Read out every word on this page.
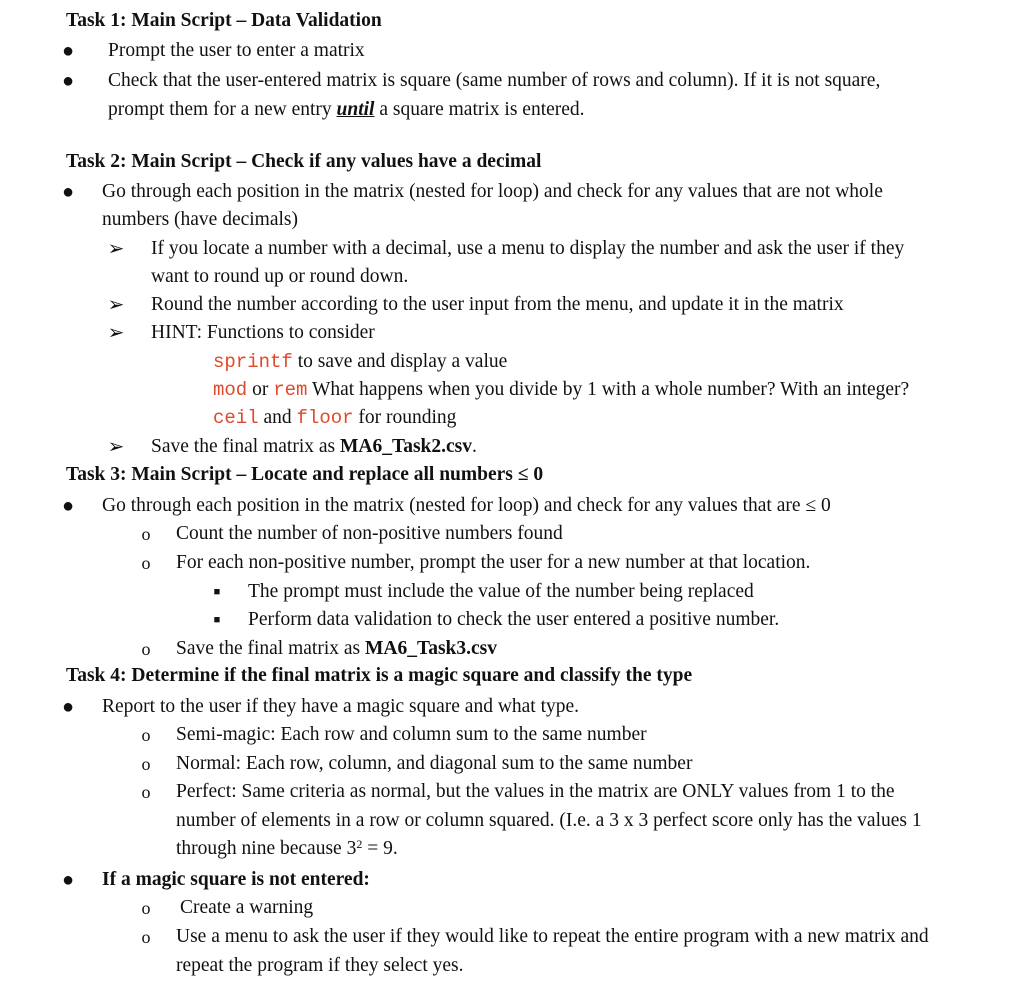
Task 1: Main Script – Data Validation
● Prompt the user to enter a matrix
● Check that the user-entered matrix is square (same number of rows and column). If it is not square,
prompt them for a new entry until a square matrix is entered.
Task 2: Main Script – Check if any values have a decimal
● Go through each position in the matrix (nested for loop) and check for any values that are not whole
numbers (have decimals)
➢ If you locate a number with a decimal, use a menu to display the number and ask the user if they
want to round up or round down.
➢ Round the number according to the user input from the menu, and update it in the matrix
➢ HINT: Functions to consider
sprintf to save and display a value
mod or rem What happens when you divide by 1 with a whole number? With an integer?
ceil and floor for rounding
➢ Save the final matrix as MA6_Task2.csv.
Task 3: Main Script – Locate and replace all numbers ≤ 0
● Go through each position in the matrix (nested for loop) and check for any values that are ≤ 0
o Count the number of non-positive numbers found
o For each non-positive number, prompt the user for a new number at that location.
■	The prompt must include the value of the number being replaced
■	Perform data validation to check the user entered a positive number.
o Save the final matrix as MA6_Task3.csv
Task 4: Determine if the final matrix is a magic square and classify the type
● Report to the user if they have a magic square and what type.
o Semi-magic: Each row and column sum to the same number
o Normal: Each row, column, and diagonal sum to the same number
o Perfect: Same criteria as normal, but the values in the matrix are ONLY values from 1 to the
number of elements in a row or column squared. (I.e. a 3 x 3 perfect score only has the values 1
through nine because $3^2 = 9$.
● If a magic square is not entered:
o Create a warning
o Use a menu to ask the user if they would like to repeat the entire program with a new matrix and
repeat the program if they select yes.
